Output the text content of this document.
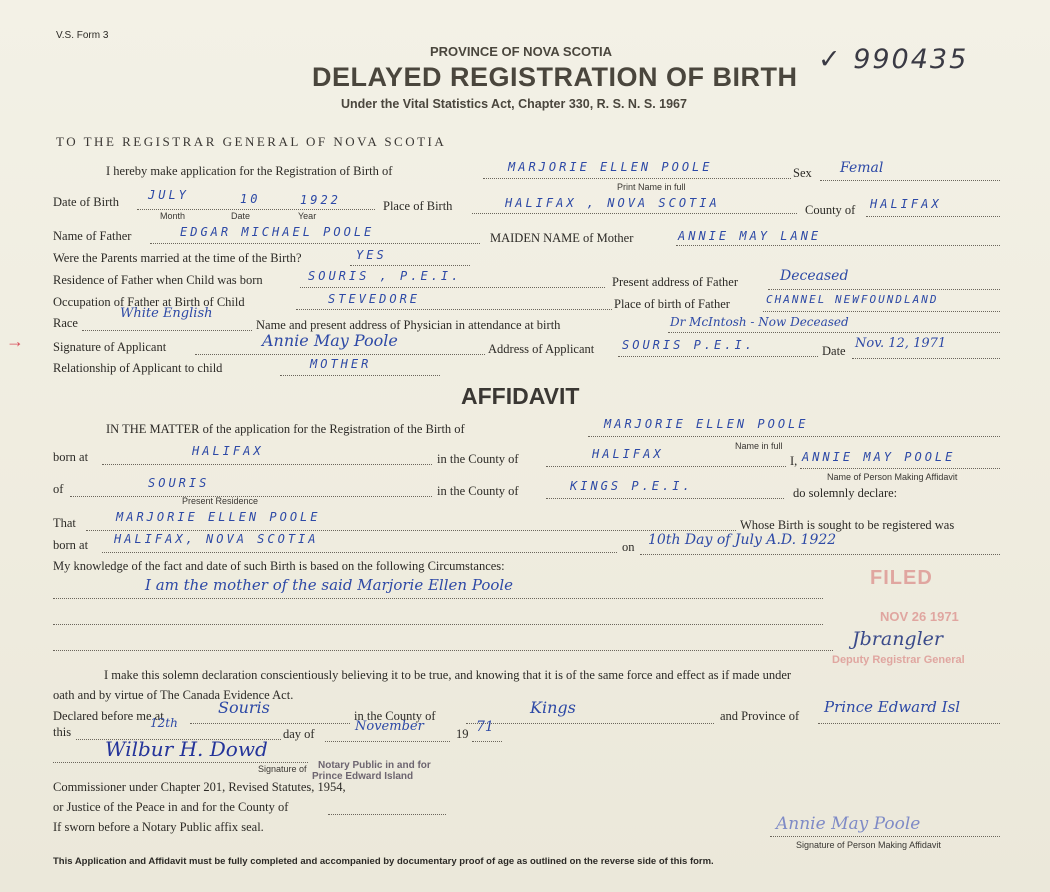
V.S. Form 3
✓ 990435
PROVINCE OF NOVA SCOTIA
DELAYED REGISTRATION OF BIRTH
Under the Vital Statistics Act, Chapter 330, R. S. N. S. 1967
TO THE REGISTRAR GENERAL OF NOVA SCOTIA
I hereby make application for the Registration of Birth of	MARJORIE ELLEN POOLE
Print Name in full
Sex Femal
Date of Birth JULY	10	1922
Month	Date	Year
Place of Birth	HALIFAX , NOVA SCOTIA	County of HALIFAX
Name of Father	EDGAR MICHAEL POOLE	MAIDEN NAME of Mother	ANNIE MAY LANE
Were the Parents married at the time of the Birth?	YES
Residence of Father when Child was born	SOURIS , P.E.I.	Present address of Father	Deceased
Occupation of Father at Birth of Child	STEVEDORE	Place of birth of Father	CHANNEL NEWFOUNDLAND
Race
White English
Name and present address of Physician in attendance at birth	Dr McIntosh - Now Deceased
→ Signature of Applicant	Annie May Poole	Address of Applicant SOURIS P.E.I.	Date Nov. 12, 1971
Relationship of Applicant to child	MOTHER
AFFIDAVIT
IN THE MATTER of the application for the Registration of the Birth of	MARJORIE ELLEN POOLE
Name in full
born at	HALIFAX
in the County of	HALIFAX	I, ANNIE MAY POOLE
Name of Person Making Affidavit
of	SOURIS
Present Residence
in the County of	KINGS P.E.I.	do solemnly declare:
That	MARJORIE ELLEN POOLE
Whose Birth is sought to be registered was
born at HALIFAX, NOVA SCOTIA
on 10th Day of July A.D. 1922
My knowledge of the fact and date of such Birth is based on the following Circumstances:
I am the mother of the said Marjorie Ellen Poole	FILED
NOV 26 1971
Jbrangler
Deputy Registrar General
I make this solemn declaration conscientiously believing it to be true, and knowing that it is of the same force and effect as if made under
oath and by virtue of The Canada Evidence Act.
Declared before me at	Souris	in the County of	Kings	and Province of Prince Edward Isl
this
12th
day of	November	19 71
Wilbur H. Dowd
Signature of Notary Public in and for
Prince Edward Island
Commissioner under Chapter 201, Revised Statutes, 1954,
or Justice of the Peace in and for the County of
If sworn before a Notary Public affix seal.	Annie May Poole
Signature of Person Making Affidavit
This Application and Affidavit must be fully completed and accompanied by documentary proof of age as outlined on the reverse side of this form.
